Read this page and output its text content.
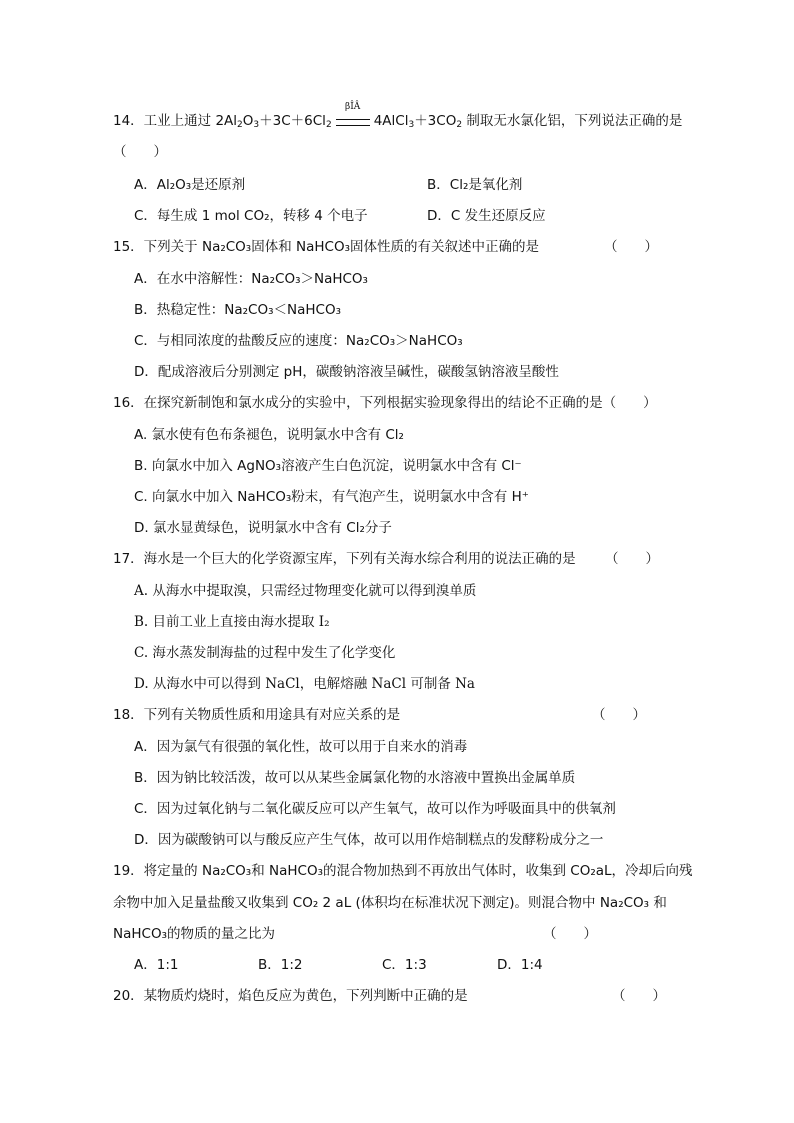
14．工业上通过 $2Al_2O_3+3C+6Cl_2$
βÎÂ
$4AlCl_3+3CO_2$ 制取无水氯化铝，下列说法正确的是
（　　）
A．Al₂O₃是还原剂	B．Cl₂是氧化剂
C．每生成 1 mol CO₂，转移 4 个电子	D．C 发生还原反应
15．下列关于 Na₂CO₃固体和 NaHCO₃固体性质的有关叙述中正确的是	（　　）
A．在水中溶解性：Na₂CO₃＞NaHCO₃
B．热稳定性：Na₂CO₃＜NaHCO₃
C．与相同浓度的盐酸反应的速度：Na₂CO₃＞NaHCO₃
D．配成溶液后分别测定 pH，碳酸钠溶液呈碱性，碳酸氢钠溶液呈酸性
16．在探究新制饱和氯水成分的实验中，下列根据实验现象得出的结论不正确的是（　　）
A. 氯水使有色布条褪色，说明氯水中含有 Cl₂
B. 向氯水中加入 AgNO₃溶液产生白色沉淀，说明氯水中含有 Cl⁻
C. 向氯水中加入 NaHCO₃粉末，有气泡产生，说明氯水中含有 H⁺
D. 氯水显黄绿色，说明氯水中含有 Cl₂分子
17．海水是一个巨大的化学资源宝库，下列有关海水综合利用的说法正确的是 （　　）
A. 从海水中提取溴，只需经过物理变化就可以得到溴单质
B. 目前工业上直接由海水提取 I₂
C. 海水蒸发制海盐的过程中发生了化学变化
D. 从海水中可以得到 NaCl，电解熔融 NaCl 可制备 Na
18．下列有关物质性质和用途具有对应关系的是	（　　）
A．因为氯气有很强的氧化性，故可以用于自来水的消毒
B．因为钠比较活泼，故可以从某些金属氯化物的水溶液中置换出金属单质
C．因为过氧化钠与二氧化碳反应可以产生氧气，故可以作为呼吸面具中的供氧剂
D．因为碳酸钠可以与酸反应产生气体，故可以用作焙制糕点的发酵粉成分之一
19．将定量的 Na₂CO₃和 NaHCO₃的混合物加热到不再放出气体时，收集到 CO₂aL，冷却后向残
余物中加入足量盐酸又收集到 CO₂ 2 aL (体积均在标准状况下测定)。则混合物中 Na₂CO₃ 和
NaHCO₃的物质的量之比为	（　　）
A．1:1	B．1:2	C．1:3	D．1:4
20．某物质灼烧时，焰色反应为黄色，下列判断中正确的是	（　　）
